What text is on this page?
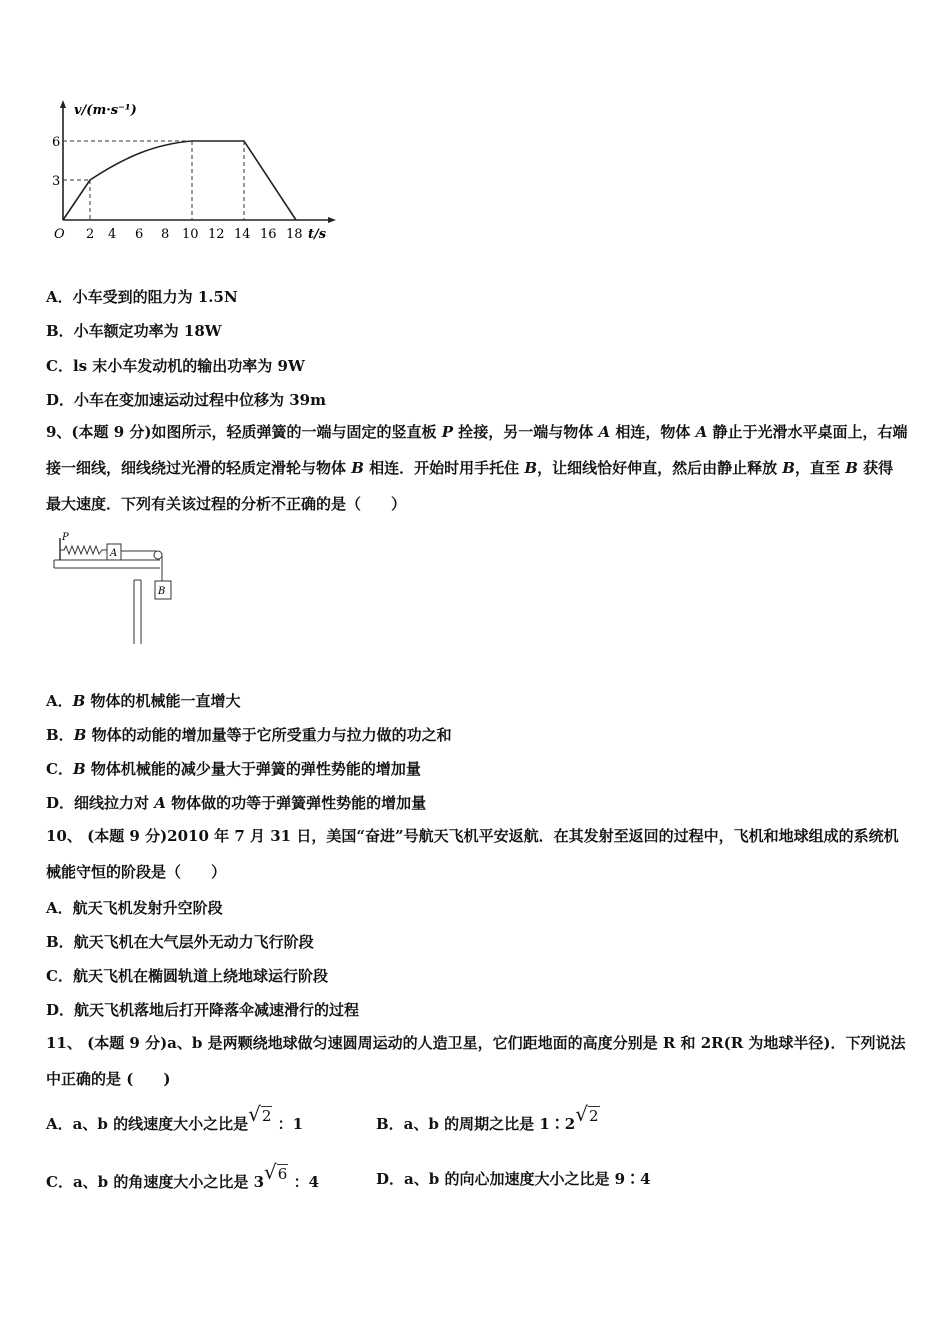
v/(m·s⁻¹)
6
3
O 2 4 6 8 10 12 14 16 18 t/s
A．小车受到的阻力为 1.5N
B．小车额定功率为 18W
C．ls 末小车发动机的输出功率为 9W
D．小车在变加速运动过程中位移为 39m
9、(本题 9 分)如图所示，轻质弹簧的一端与固定的竖直板 P 拴接，另一端与物体 A 相连，物体 A 静止于光滑水平桌面上，右端接一细线，细线绕过光滑的轻质定滑轮与物体 B 相连．开始时用手托住 B，让细线恰好伸直，然后由静止释放 B，直至 B 获得最大速度．下列有关该过程的分析不正确的是（　　）
P
A
B
A．B 物体的机械能一直增大
B．B 物体的动能的增加量等于它所受重力与拉力做的功之和
C．B 物体机械能的减少量大于弹簧的弹性势能的增加量
D．细线拉力对 A 物体做的功等于弹簧弹性势能的增加量
10、 (本题 9 分)2010 年 7 月 31 日，美国“奋进”号航天飞机平安返航．在其发射至返回的过程中，飞机和地球组成的系统机械能守恒的阶段是（　　）
A．航天飞机发射升空阶段
B．航天飞机在大气层外无动力飞行阶段
C．航天飞机在椭圆轨道上绕地球运行阶段
D．航天飞机落地后打开降落伞减速滑行的过程
11、 (本题 9 分)a、b 是两颗绕地球做匀速圆周运动的人造卫星，它们距地面的高度分别是 R 和 2R(R 为地球半径)．下列说法中正确的是 (　　)
A．a、b 的线速度大小之比是√2 ：1	B．a、b 的周期之比是 1∶2√2
C．a、b 的角速度大小之比是 3√6 ：4	D．a、b 的向心加速度大小之比是 9∶4
